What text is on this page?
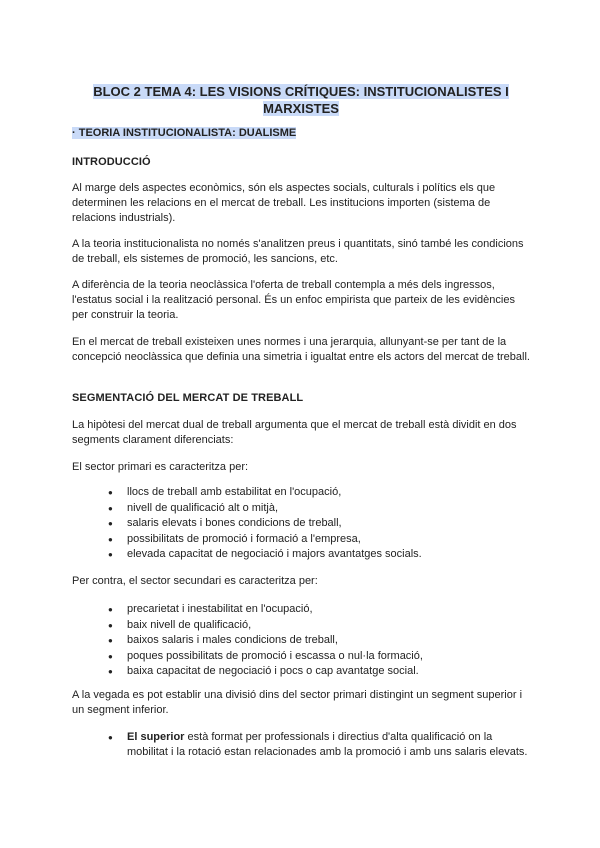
BLOC 2 TEMA 4: LES VISIONS CRÍTIQUES: INSTITUCIONALISTES I MARXISTES
· TEORIA INSTITUCIONALISTA: DUALISME
INTRODUCCIÓ
Al marge dels aspectes econòmics, són els aspectes socials, culturals i polítics els que determinen les relacions en el mercat de treball. Les institucions importen (sistema de relacions industrials).
A la teoria institucionalista no només s'analitzen preus i quantitats, sinó també les condicions de treball, els sistemes de promoció, les sancions, etc.
A diferència de la teoria neoclàssica l'oferta de treball contempla a més dels ingressos, l'estatus social i la realització personal. És un enfoc empirista que parteix de les evidències per construir la teoria.
En el mercat de treball existeixen unes normes i una jerarquia, allunyant-se per tant de la concepció neoclàssica que definia una simetria i igualtat entre els actors del mercat de treball.
SEGMENTACIÓ DEL MERCAT DE TREBALL
La hipòtesi del mercat dual de treball argumenta que el mercat de treball està dividit en dos segments clarament diferenciats:
El sector primari es caracteritza per:
● llocs de treball amb estabilitat en l'ocupació,
● nivell de qualificació alt o mitjà,
● salaris elevats i bones condicions de treball,
● possibilitats de promoció i formació a l'empresa,
● elevada capacitat de negociació i majors avantatges socials.
Per contra, el sector secundari es caracteritza per:
● precarietat i inestabilitat en l'ocupació,
● baix nivell de qualificació,
● baixos salaris i males condicions de treball,
● poques possibilitats de promoció i escassa o nul·la formació,
● baixa capacitat de negociació i pocs o cap avantatge social.
A la vegada es pot establir una divisió dins del sector primari distingint un segment superior i un segment inferior.
● El superior està format per professionals i directius d'alta qualificació on la mobilitat i la rotació estan relacionades amb la promoció i amb uns salaris elevats.
